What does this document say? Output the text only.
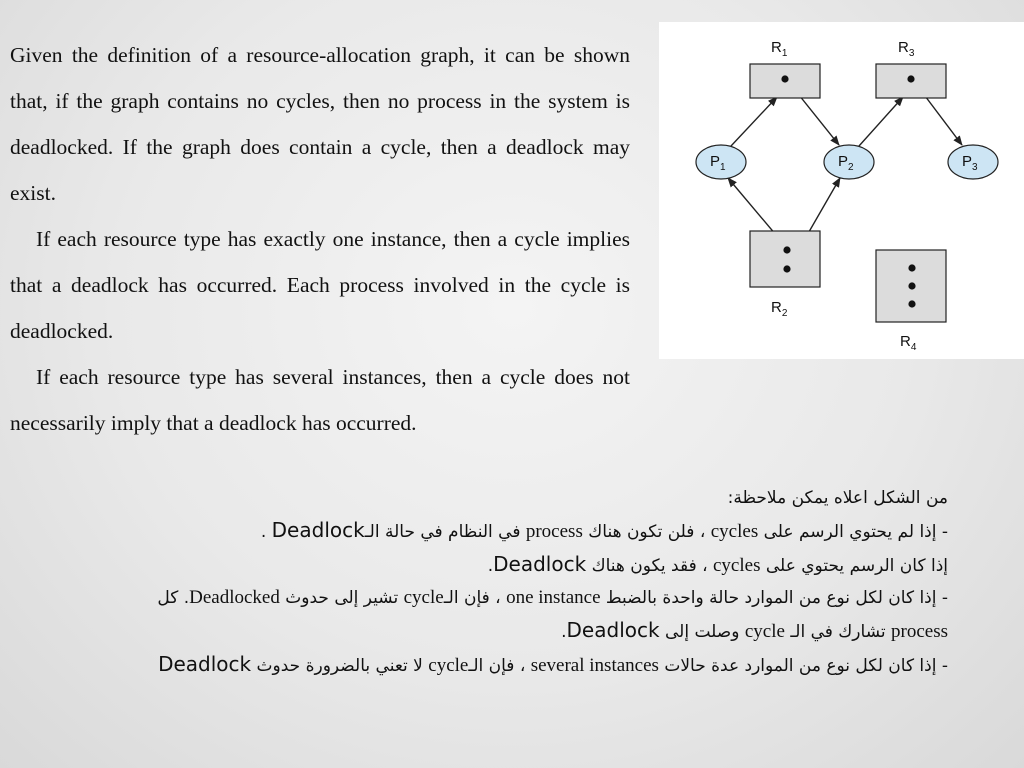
Given the definition of a resource-allocation graph, it can be shown that, if the graph contains no cycles, then no process in the system is deadlocked. If the graph does contain a cycle, then a deadlock may exist.

If each resource type has exactly one instance, then a cycle implies that a deadlock has occurred. Each process involved in the cycle is deadlocked.

If each resource type has several instances, then a cycle does not necessarily imply that a deadlock has occurred.

$R_1$	$R_3$
$R_2$
$R_4$
$P_1$	$P_2$	$P_3$
من الشكل اعلاه يمكن ملاحظة:
- إذا لم يحتوي الرسم على cycles ، فلن تكون هناك process في النظام في حالة الـDeadlock .
إذا كان الرسم يحتوي على cycles ، فقد يكون هناك Deadlock.
- إذا كان لكل نوع من الموارد حالة واحدة بالضبط one instance ، فإن الـcycle تشير إلى حدوث Deadlocked. كل
process تشارك في الـ cycle وصلت إلى Deadlock.
- إذا كان لكل نوع من الموارد عدة حالات several instances ، فإن الـcycle لا تعني بالضرورة حدوث Deadlock
